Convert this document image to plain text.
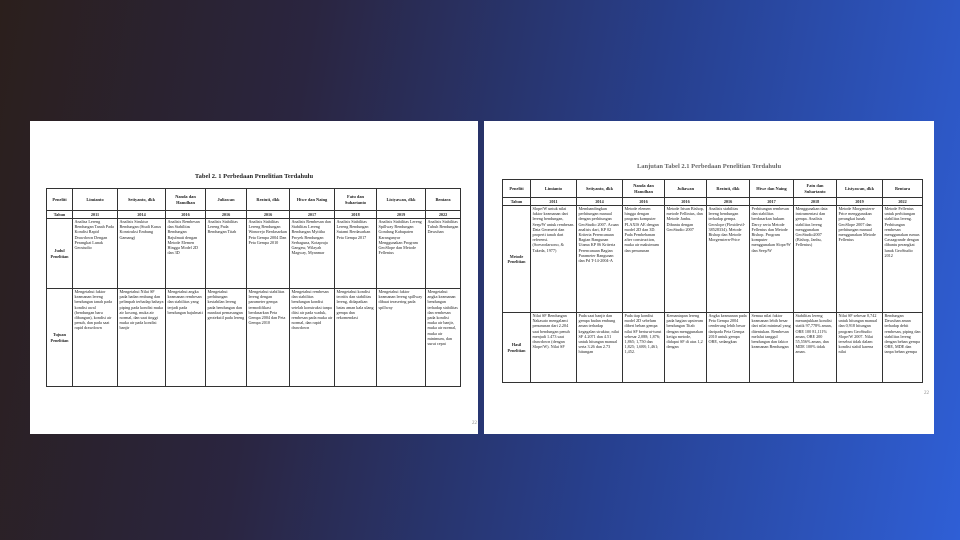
Tabel 2. 1 Perbedaan Penelitian Terdahulu
Peneliti	Limianto	Setiyanto, dkk	Nanda dan Hamdhan	Juliawan	Reztuti, dkk	Htwe dan Naing	Fatu dan Suhartanto	Listyawan, dkk	Bentara
Tahun	2011	2014	2016	2016	2016	2017	2018	2019	2022
Judul Penelitian	Analisa Lereng Bendungan Tanah Pada Kondisi Rapid Drawdown Dengan Perangkat Lunak Geostudio	Analisis Struktur Bendungan (Studi Kasus Konstruksi Embung Gamang)	Analisis Rembesan dan Stabilitas Bendungan Bajulmati dengan Metode Elemen Hingga Model 2D dan 3D	Analisis Stabilitas Lereng Pada Bendungan Titab	Analisis Stabilitas Lereng Bendungan Wonorejo Berdasarkan Peta Gempa 2004 Dan Peta Gempa 2010	Analisis Rembesan dan Stabilitas Lereng Bendungan Myittha Proyek Bendungan Serbaguna, Kotapraja Gangaw, Wilayah Magway, Myanmar	Analisis Stabilitas Lereng Bendungan Sutami Berdasarkan Peta Gempa 2017	Analisis Stabilitas Lereng Spillway Bendungan Gondang Kabupaten Karanganyar Menggunakan Program GeoSlope dan Metode Fellenius	Analisis Stabilitas Tubuh Bendungan Dawuhan
Tujuan Penelitian	Mengetahui faktor keamanan lereng bendungan tanah pada kondisi awal (bendungan baru dibangun), kondisi air penuh, dan pada saat rapid drawdown	Mengetahui Nilai SF pada badan embung dan pelimpah terhadap bahaya piping pada kondisi muka air kosong, muka air normal, dan saat tinggi muka air pada kondisi banjir	Mengetahui angka keamanan rembesan dan stabilitas yang terjadi pada bendungan bajulmati	Mengetahui perhitungan kestabilan lereng pada bendungan dan manfaat pemasangan geotekstil pada lereng	Mengetahui stabilitas lereng dengan parameter gempa termodifikasi berdasarkan Peta Gempa 2004 dan Peta Gempa 2010	Mengetahui rembesan dan stabilitas bendungan kondisi setelah konstruksi tanpa diisi air pada waduk, rembesan pada muka air normal, dan rapid drawdown	Mengetahui kondisi teoritis dan stabilitas lereng, didapatkan batas aman kala ulang gempa dan rekomendasi	Mengetahui faktor keamanan lereng spillway dibuat terasering pada spillway	Mengetahui angka keamanan bendungan terhadap stabilitas dan rembesan pada kondisi muka air banjir, muka air normal, muka air minimum, dan surut cepat
22
Lanjutan Tabel 2.1 Perbedaan Penelitian Terdahulu
Peneliti	Limianto	Setiyanto, dkk	Nanda dan Hamdhan	Juliawan	Reztuti, dkk	Htwe dan Naing	Fatu dan Suhartanto	Listyawan, dkk	Bentara
Tahun	2011	2014	2016	2016	2016	2017	2018	2019	2022
Metode Penelitian	Slope/W untuk nilai faktor keamanan dari lereng bendungan, Seep/W untuk rembesan. Data Geometri dan properti tanah dari referensi. (Soesrodarsono, & Takeda, 1977)	Membandingkan perhitungan manual dengan perhitungan GeoStudio 2007. Acuan analisis dari, KP 02 Kriteria Perencanaan Bagian Bangunan Utama KP 06 Kriteria Perencanaan Bagian Parameter Bangunan dan Pd T-14-2004-A	Metode elemen hingga dengan program komputer PLAXIS AE dengan model 2D dan 3D. Pada Pembebanan after construction, muka air maksimum dan penurunan	Metode Irisan Bishop, metode Fellinius, dan Metode Janbu. Dibantu dengan GeoStudio 2007	Analisis stabilitas lereng bendungan terhadap gempa. Geoslope (Flexidevil-38528334). Metode Bishop dan Metode Morgenstern-Price	Perhitungan rembesan dan stabilitas berdasarkan hukum Darcy serta Metode Fellenius dan Metode Bishop. Program komputer menggunakan Slope/W dan Seep/W	Menggunakan data instrumentasi dan gempa. Analisis stabilitas lereng menggunakan GeoStudio2007 (Bishop, Janbu, Fellenius)	Metode Morgenstern-Price menggunakan perangkat lunak GeoSlope 2007 dan perhitungan manual menggunakan Metode Fellenius	Metode Fellenius untuk perhitungan stabilitas lereng. Perhitungan rembesan menggunakan rumus Cassagrande dengan dibantu perangkat lunak GeoStudio 2012
Hasil Penelitian	Nilai SF Bendungan Nakasato mengalami penurunan dari 2.204 saat bendungan penuh menjadi 1.473 saat drawdown (dengan Slope/W). Nilai SF	Pada saat banjir dan gempa badan embung aman terhadap kegagalan struktur, nilai SF 4.2071 dan 4.51 untuk hitungan manual serta 3.26 dan 2.73 hitungan	Pada tiap kondisi model 2D sebelum diberi beban gempa nilai SF berturut-turut sebesar 2,088; 1,876; 1,865; 1,750 dan 1,825; 1,688; 1,461; 1,452.	Kemantapan lereng pada bagian upstream bendungan Titab dengan menggunakan ketiga metode, didapat SF di atas 1,2 dengan	Angka keamanan pada Peta Gempa 2004 cenderung lebih besar daripada Peta Gempa 2010 untuk gempa OBE, sedangkan	Semua nilai faktor keamanan lebih besar dari nilai minimal yang ditentukan. Rembesan melalui tanggul bendungan dan faktor keamanan Bendungan	Stabilitas lereng menunjukkan kondisi statik 97,778% aman, OBE 100 81,111% aman, OBE 200 55,556% aman, dan MDE 100% tidak aman.	Nilai SF sebesar 0,742 untuk hitungan manual dan 0,918 hitungan program GeoStudio Slope/W 2007. Nilai tersebut tidak dalam kondisi stabil karena nilai	Bendungan Dawuhan aman terhadap debit rembesan, piping dan stabilitas lereng dengan beban gempa OBE, MDE dan tanpa beban gempa
22
